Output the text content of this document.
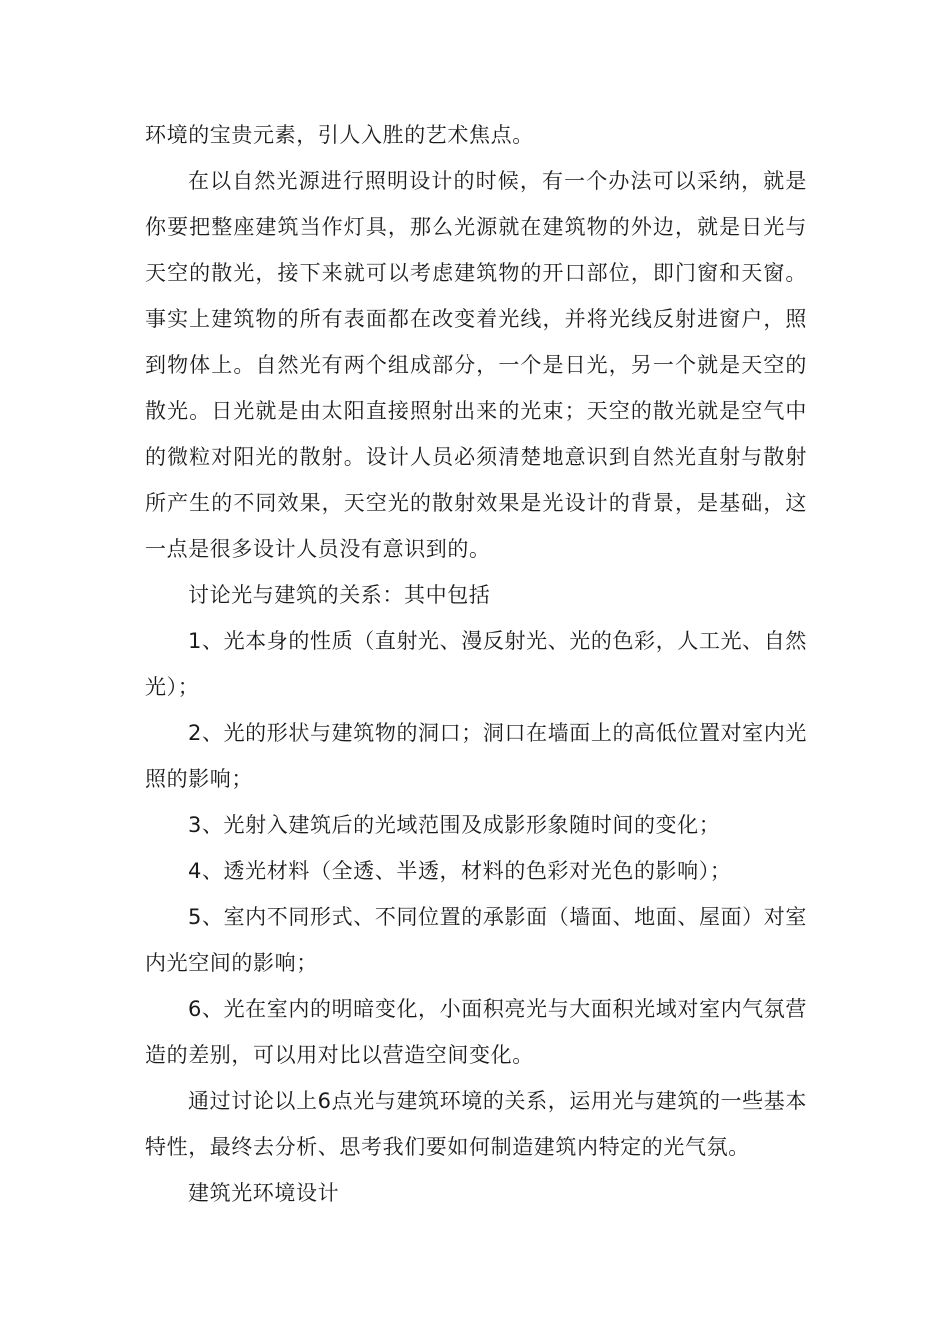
环境的宝贵元素，引人入胜的艺术焦点。

在以自然光源进行照明设计的时候，有一个办法可以采纳，就是你要把整座建筑当作灯具，那么光源就在建筑物的外边，就是日光与天空的散光，接下来就可以考虑建筑物的开口部位，即门窗和天窗。事实上建筑物的所有表面都在改变着光线，并将光线反射进窗户，照到物体上。自然光有两个组成部分，一个是日光，另一个就是天空的散光。日光就是由太阳直接照射出来的光束；天空的散光就是空气中的微粒对阳光的散射。设计人员必须清楚地意识到自然光直射与散射所产生的不同效果，天空光的散射效果是光设计的背景，是基础，这一点是很多设计人员没有意识到的。

讨论光与建筑的关系：其中包括

1、光本身的性质（直射光、漫反射光、光的色彩，人工光、自然光）；

2、光的形状与建筑物的洞口；洞口在墙面上的高低位置对室内光照的影响；

3、光射入建筑后的光域范围及成影形象随时间的变化；

4、透光材料（全透、半透，材料的色彩对光色的影响）；

5、室内不同形式、不同位置的承影面（墙面、地面、屋面）对室内光空间的影响；

6、光在室内的明暗变化，小面积亮光与大面积光域对室内气氛营造的差别，可以用对比以营造空间变化。

通过讨论以上6点光与建筑环境的关系，运用光与建筑的一些基本特性，最终去分析、思考我们要如何制造建筑内特定的光气氛。

建筑光环境设计
